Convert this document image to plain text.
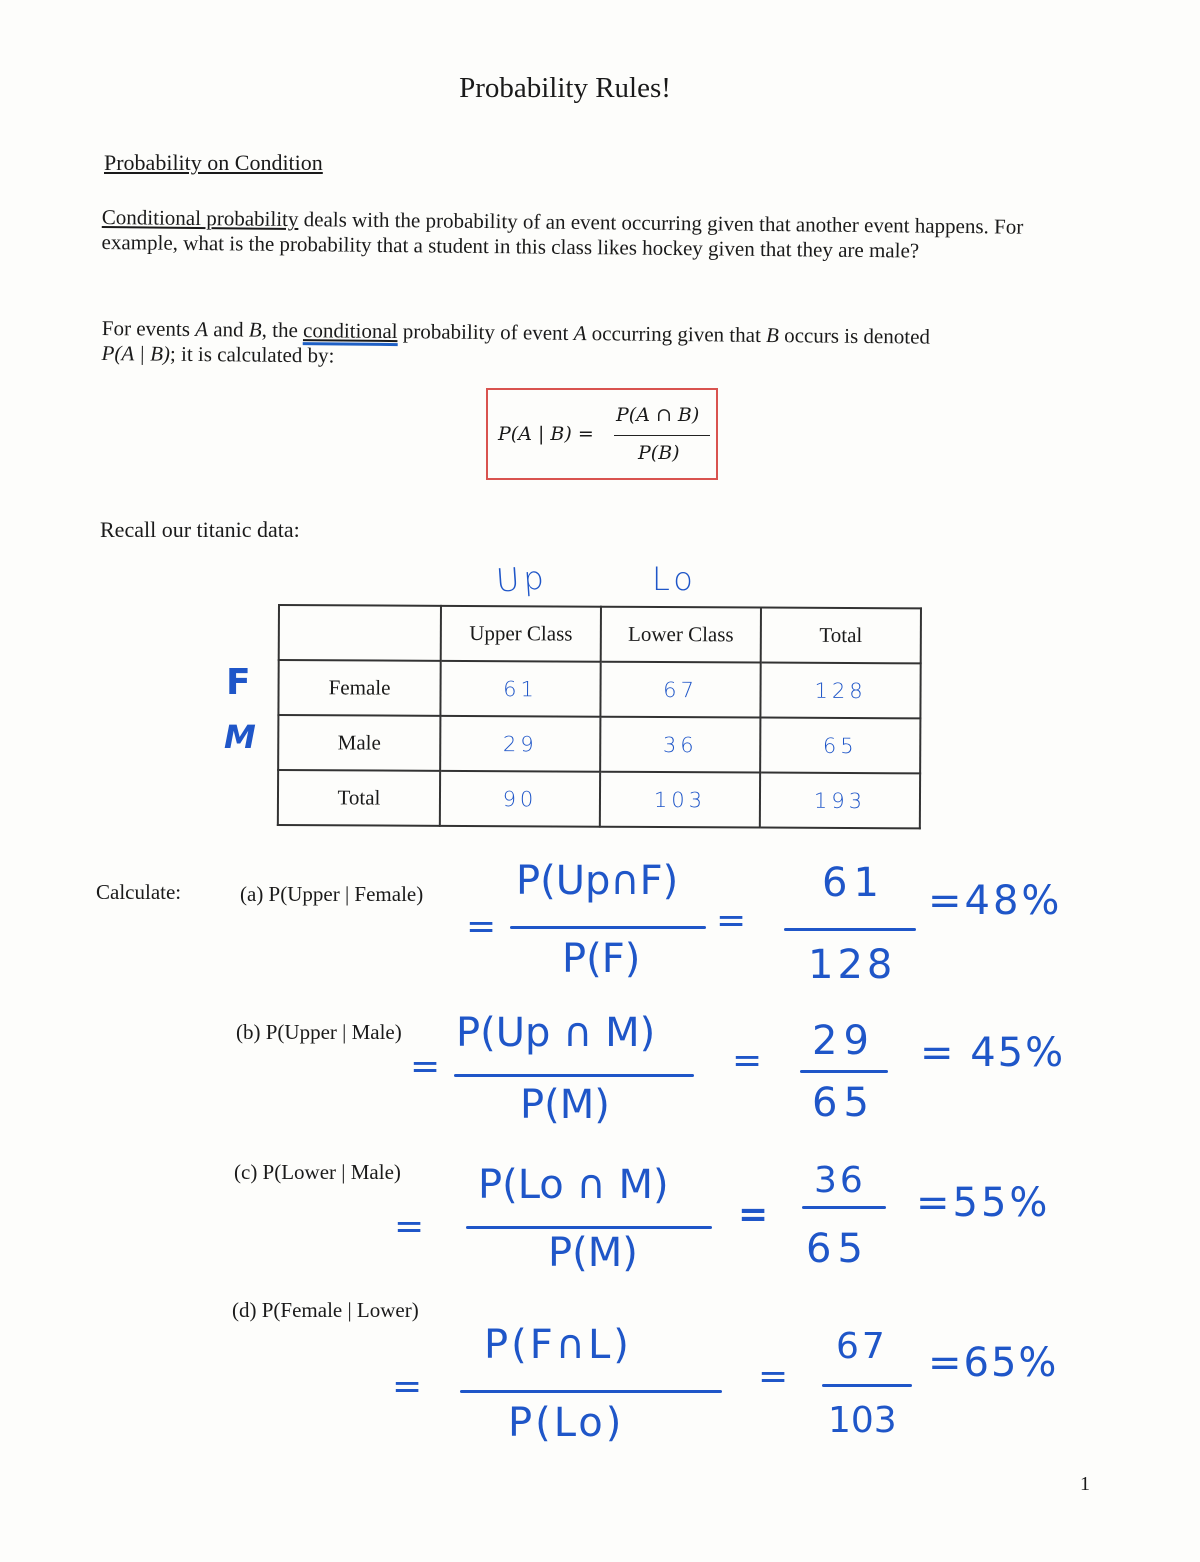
Probability Rules!
Probability on Condition
Conditional probability deals with the probability of an event occurring given that another event happens. For example, what is the probability that a student in this class likes hockey given that they are male?
For events A and B, the conditional probability of event A occurring given that B occurs is denoted
P(A | B); it is calculated by:
P(A | B) =
P(A ∩ B)
P(B)
Recall our titanic data:
Up	Lo
F
M
	Upper Class	Lower Class	Total
Female	61	67	128
Male	29	36	65
Total	90	103	193
Calculate:	(a) P(Upper | Female)
=
P(Up∩F)
P(F)
=
61
128
=48%
(b) P(Upper | Male)
=
P(Up ∩ M)
P(M)
= 29
65
= 45%
(c) P(Lower | Male)
=
P(Lo ∩ M)
P(M)
=
36
65
=55%
(d) P(Female | Lower)
=
P(F∩L)
P(Lo)
=
67
103
=65%
1
